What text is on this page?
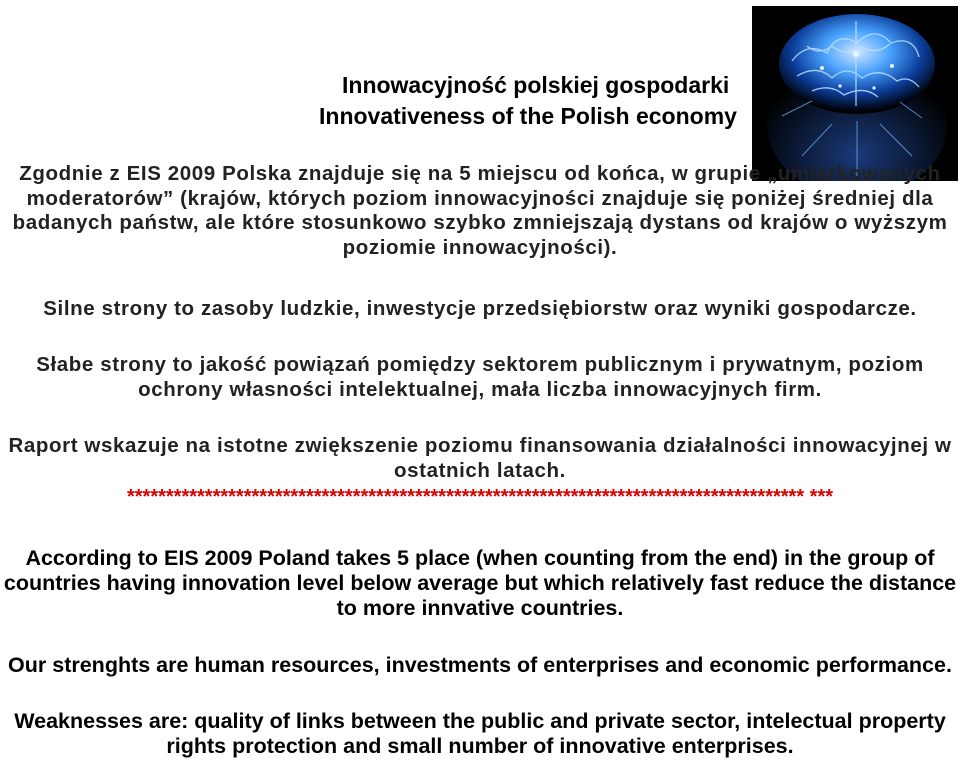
Innowacyjność polskiej gospodarki
Innovativeness of the Polish economy

Zgodnie z EIS 2009 Polska znajduje się na 5 miejscu od końca, w grupie „umiarkowanych moderatorów” (krajów, których poziom innowacyjności znajduje się poniżej średniej dla badanych państw, ale które stosunkowo szybko zmniejszają dystans od krajów o wyższym poziomie innowacyjności).

Silne strony to zasoby ludzkie, inwestycje przedsiębiorstw oraz wyniki gospodarcze.

Słabe strony to jakość powiązań pomiędzy sektorem publicznym i prywatnym, poziom ochrony własności intelektualnej, mała liczba innowacyjnych firm.

Raport wskazuje na istotne zwiększenie poziomu finansowania działalności innowacyjnej w ostatnich latach.

*************************************************************************************** ***

According to EIS 2009 Poland takes 5 place (when counting from the end) in the group of countries having innovation level below average but which relatively fast reduce the distance to more innvative countries.

Our strenghts are human resources, investments of enterprises and economic performance.

Weaknesses are: quality of links between the public and private sector, intelectual property rights protection and small number of innovative enterprises.
